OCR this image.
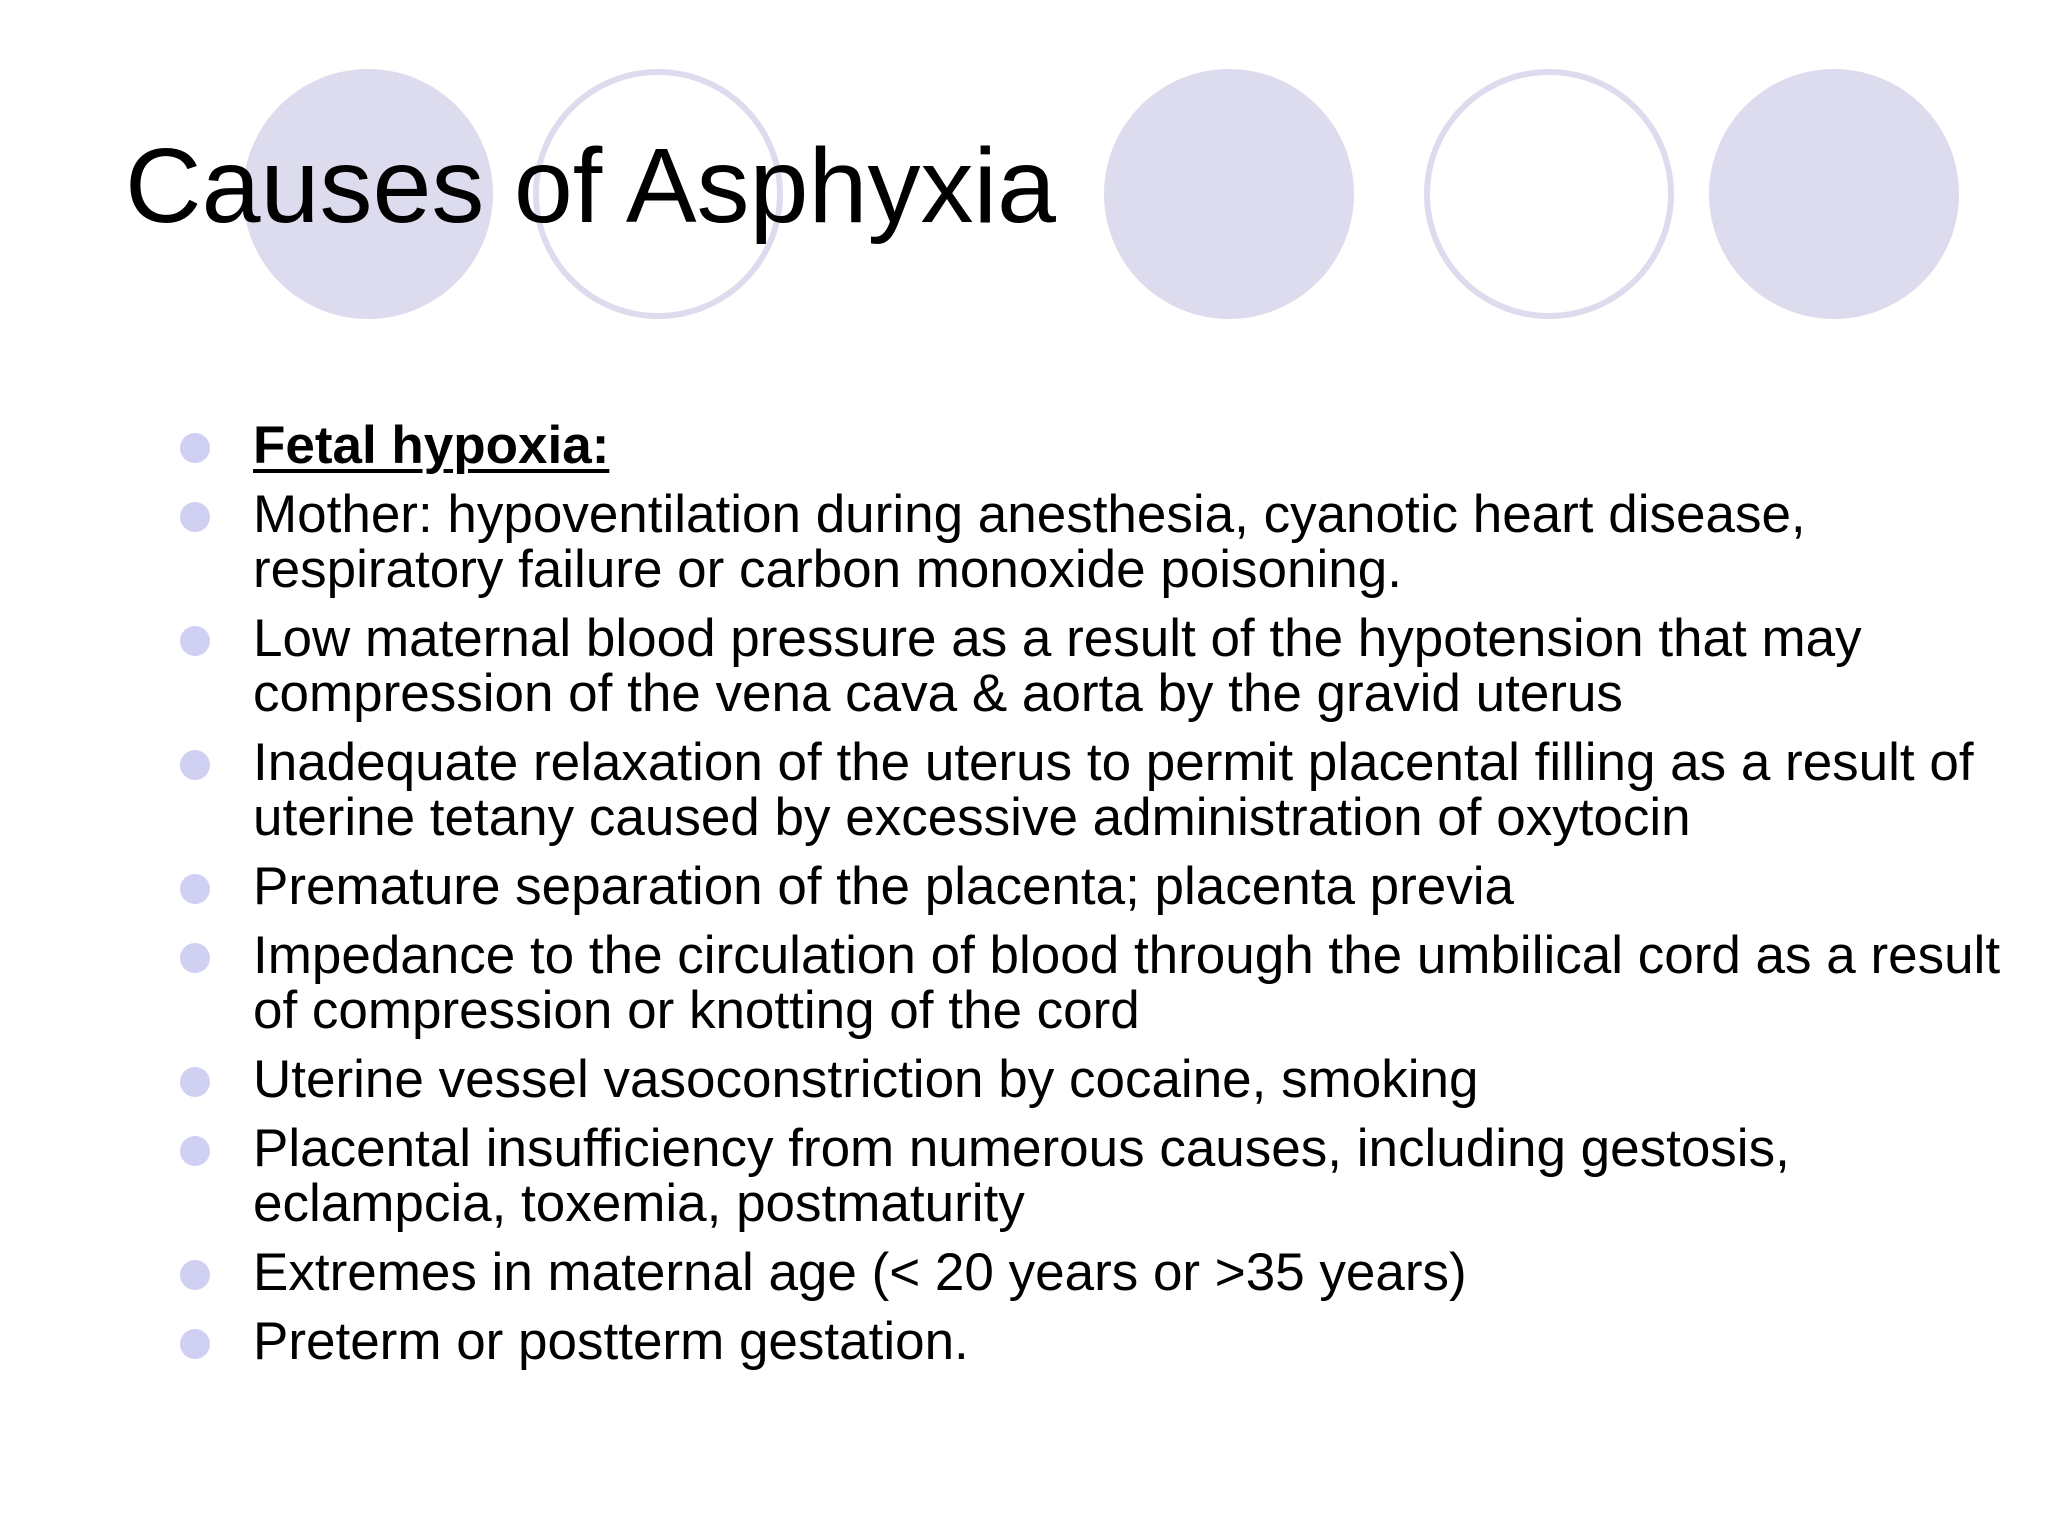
Causes of Asphyxia
Fetal hypoxia:
Mother: hypoventilation during anesthesia, cyanotic heart disease, respiratory failure or carbon monoxide poisoning.
Low maternal blood pressure as a result of the hypotension that may compression of the vena cava & aorta by the gravid uterus
Inadequate relaxation of the uterus to permit placental filling as a result of uterine tetany caused by excessive administration of oxytocin
Premature separation of the placenta; placenta previa
Impedance to the circulation of blood through the umbilical cord as a result of compression or knotting of the cord
Uterine vessel vasoconstriction by cocaine, smoking
Placental insufficiency from numerous causes, including gestosis, eclampcia, toxemia, postmaturity
Extremes in maternal age (< 20 years or >35 years)
Preterm or postterm gestation.
